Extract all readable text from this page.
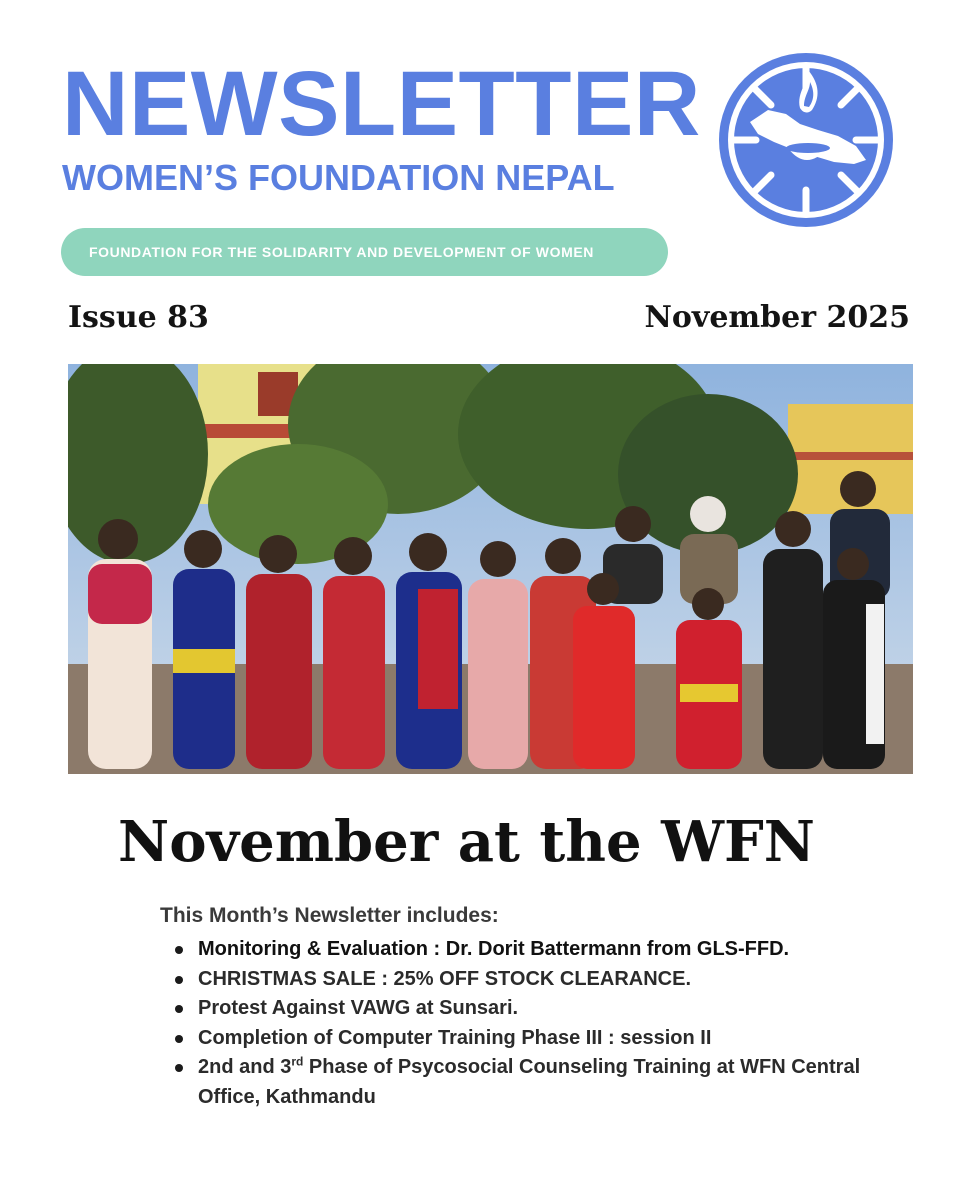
NEWSLETTER
WOMEN’S FOUNDATION NEPAL
FOUNDATION FOR THE SOLIDARITY AND DEVELOPMENT OF WOMEN
Issue 83	November 2025
November at the WFN
This Month’s Newsletter includes:
Monitoring & Evaluation : Dr. Dorit Battermann from GLS-FFD.
CHRISTMAS SALE : 25% OFF STOCK CLEARANCE.
Protest Against VAWG at Sunsari.
Completion of Computer Training Phase III : session II
2nd and 3rd Phase of Psycosocial Counseling Training at WFN Central Office, Kathmandu
